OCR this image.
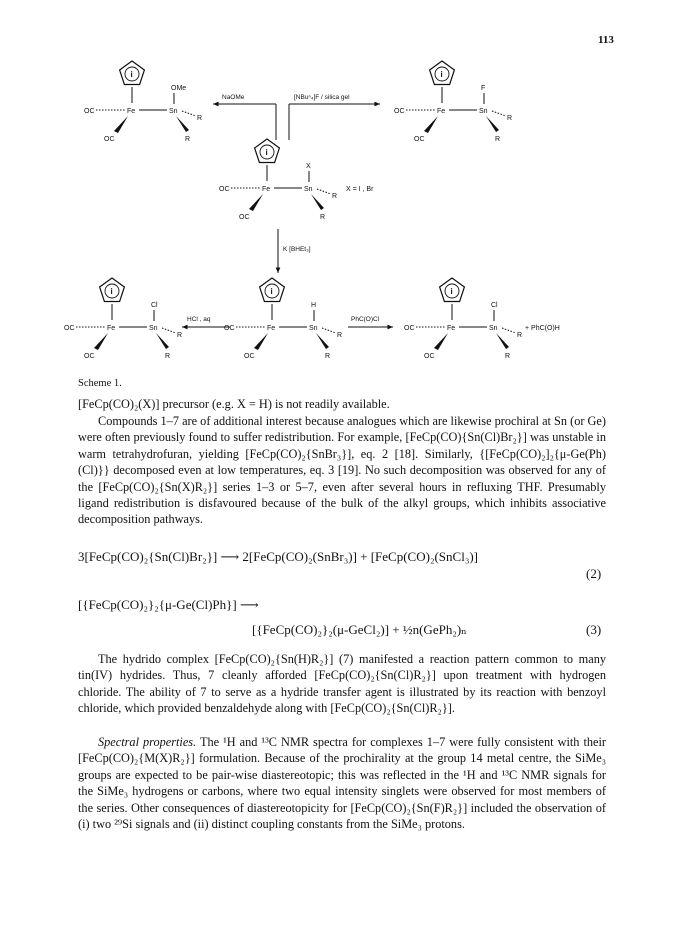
113
i
Fe
OC
OC
Sn
R
R
OMe
i
Fe
OC
OC
Sn
R
R
F
i
Fe
OC
OC
Sn
R
R
X
X = I , Br
i
Fe
OC
OC
Sn
R
R
Cl
i
Fe
OC
OC
Sn
R
R
H
i
Fe
OC
OC
Sn
R
R
Cl
+ PhC(O)H
NaOMe	[NBuⁿ₄]F / silica gel
K [BHEt₃]
HCl , aq	PhC(O)Cl
Scheme 1.

[FeCp(CO)₂(X)] precursor (e.g. X = H) is not readily available.

Compounds 1–7 are of additional interest because analogues which are likewise prochiral at Sn (or Ge) were often previously found to suffer redistribution. For example, [FeCp(CO){Sn(Cl)Br₂}] was unstable in warm tetrahydrofuran, yielding [FeCp(CO)₂{SnBr₃}], eq. 2 [18]. Similarly, {[FeCp(CO)₂]₂{μ-Ge(Ph)(Cl)}} decomposed even at low temperatures, eq. 3 [19]. No such decomposition was observed for any of the [FeCp(CO)₂{Sn(X)R₂}] series 1–3 or 5–7, even after several hours in refluxing THF. Presumably ligand redistribution is disfavoured because of the bulk of the alkyl groups, which inhibits associative decomposition pathways.

3[FeCp(CO)₂{Sn(Cl)Br₂}] ⟶ 2[FeCp(CO)₂(SnBr₃)] + [FeCp(CO)₂(SnCl₃)]
(2)
[{FeCp(CO)₂}₂{μ-Ge(Cl)Ph}] ⟶
[{FeCp(CO)₂}₂(μ-GeCl₂)] + ½n(GePh₂)ₙ	(3)

The hydrido complex [FeCp(CO)₂{Sn(H)R₂}] (7) manifested a reaction pattern common to many tin(IV) hydrides. Thus, 7 cleanly afforded [FeCp(CO)₂{Sn(Cl)R₂}] upon treatment with hydrogen chloride. The ability of 7 to serve as a hydride transfer agent is illustrated by its reaction with benzoyl chloride, which provided benzaldehyde along with [FeCp(CO)₂{Sn(Cl)R₂}].

Spectral properties. The ¹H and ¹³C NMR spectra for complexes 1–7 were fully consistent with their [FeCp(CO)₂{M(X)R₂}] formulation. Because of the prochirality at the group 14 metal centre, the SiMe₃ groups are expected to be pair-wise diastereotopic; this was reflected in the ¹H and ¹³C NMR signals for the SiMe₃ hydrogens or carbons, where two equal intensity singlets were observed for most members of the series. Other consequences of diastereotopicity for [FeCp(CO)₂{Sn(F)R₂}] included the observation of (i) two ²⁹Si signals and (ii) distinct coupling constants from the SiMe₃ protons.
